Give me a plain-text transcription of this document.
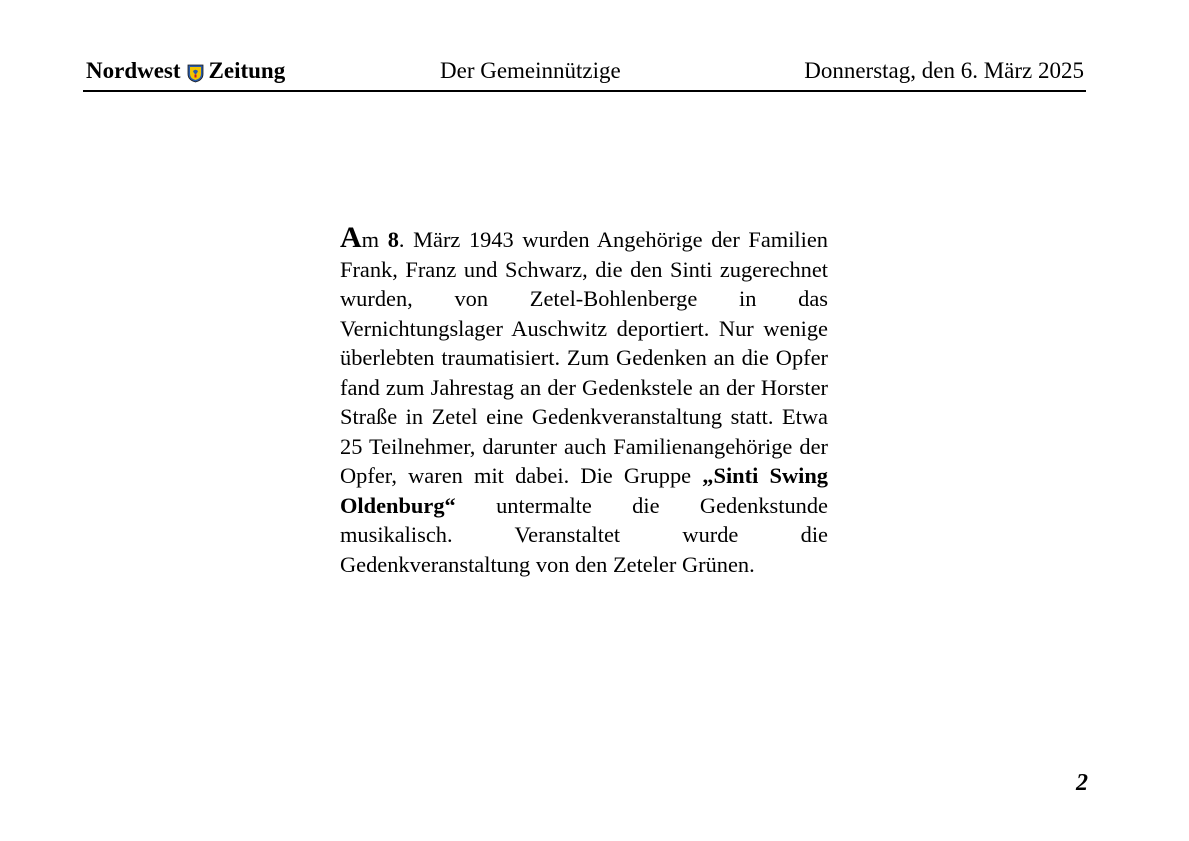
Nordwest Zeitung	Der Gemeinnützige	Donnerstag, den 6. März 2025
Am 8. März 1943 wurden Angehörige der Familien Frank, Franz und Schwarz, die den Sinti zugerechnet wurden, von Zetel-Bohlenberge in das Vernichtungslager Auschwitz deportiert. Nur wenige überlebten traumatisiert. Zum Gedenken an die Opfer fand zum Jahrestag an der Gedenkstele an der Horster Straße in Zetel eine Gedenkveranstaltung statt. Etwa 25 Teilnehmer, darunter auch Familienangehörige der Opfer, waren mit dabei. Die Gruppe „Sinti Swing Oldenburg“ untermalte die Gedenkstunde musikalisch. Veranstaltet wurde die Gedenkveranstaltung von den Zeteler Grünen.
2
